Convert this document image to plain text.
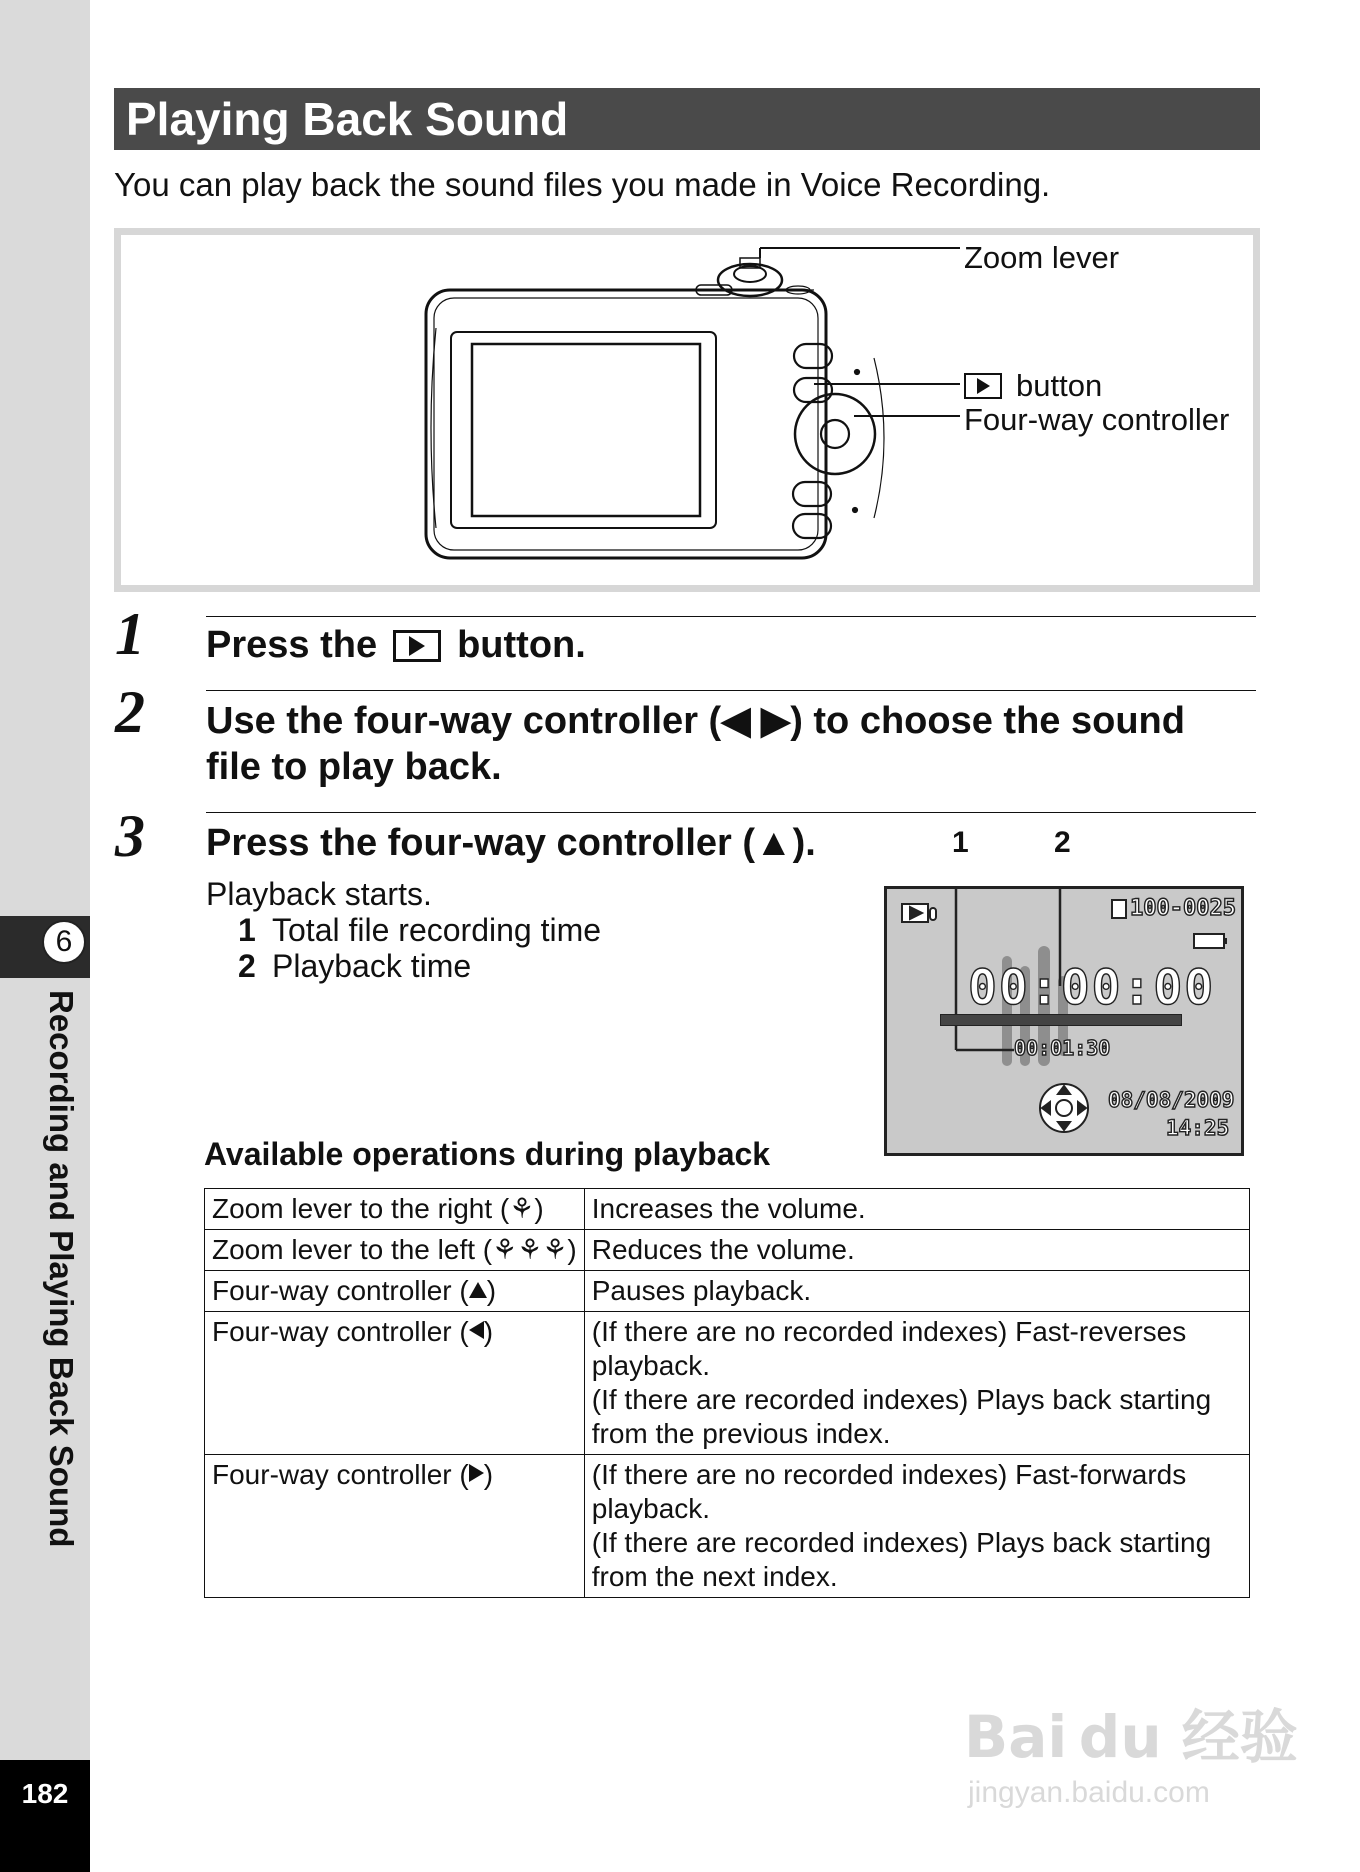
6
Recording and Playing Back Sound
182
Playing Back Sound
You can play back the sound files you made in Voice Recording.
Zoom lever
button
Four-way controller
1 Press the button.
2 Use the four-way controller (◀ ▶) to choose the sound
file to play back.
3 Press the four-way controller (▲).
Playback starts.
1 Total file recording time
2 Playback time
1	2
100-0025
00:00:00
00:01:30
08/08/2009
14:25
Available operations during playback
Zoom lever to the right (⚘)	Increases the volume.

Zoom lever to the left (⚘⚘⚘)	Reduces the volume.

Four-way controller ( )	Pauses playback.

Four-way controller ( )	(If there are no recorded indexes) Fast-reverses
playback.
(If there are recorded indexes) Plays back starting
from the previous index.

Four-way controller ( )	(If there are no recorded indexes) Fast-forwards
playback.
(If there are recorded indexes) Plays back starting
from the next index.
Bai du 经验
jingyan.baidu.com
